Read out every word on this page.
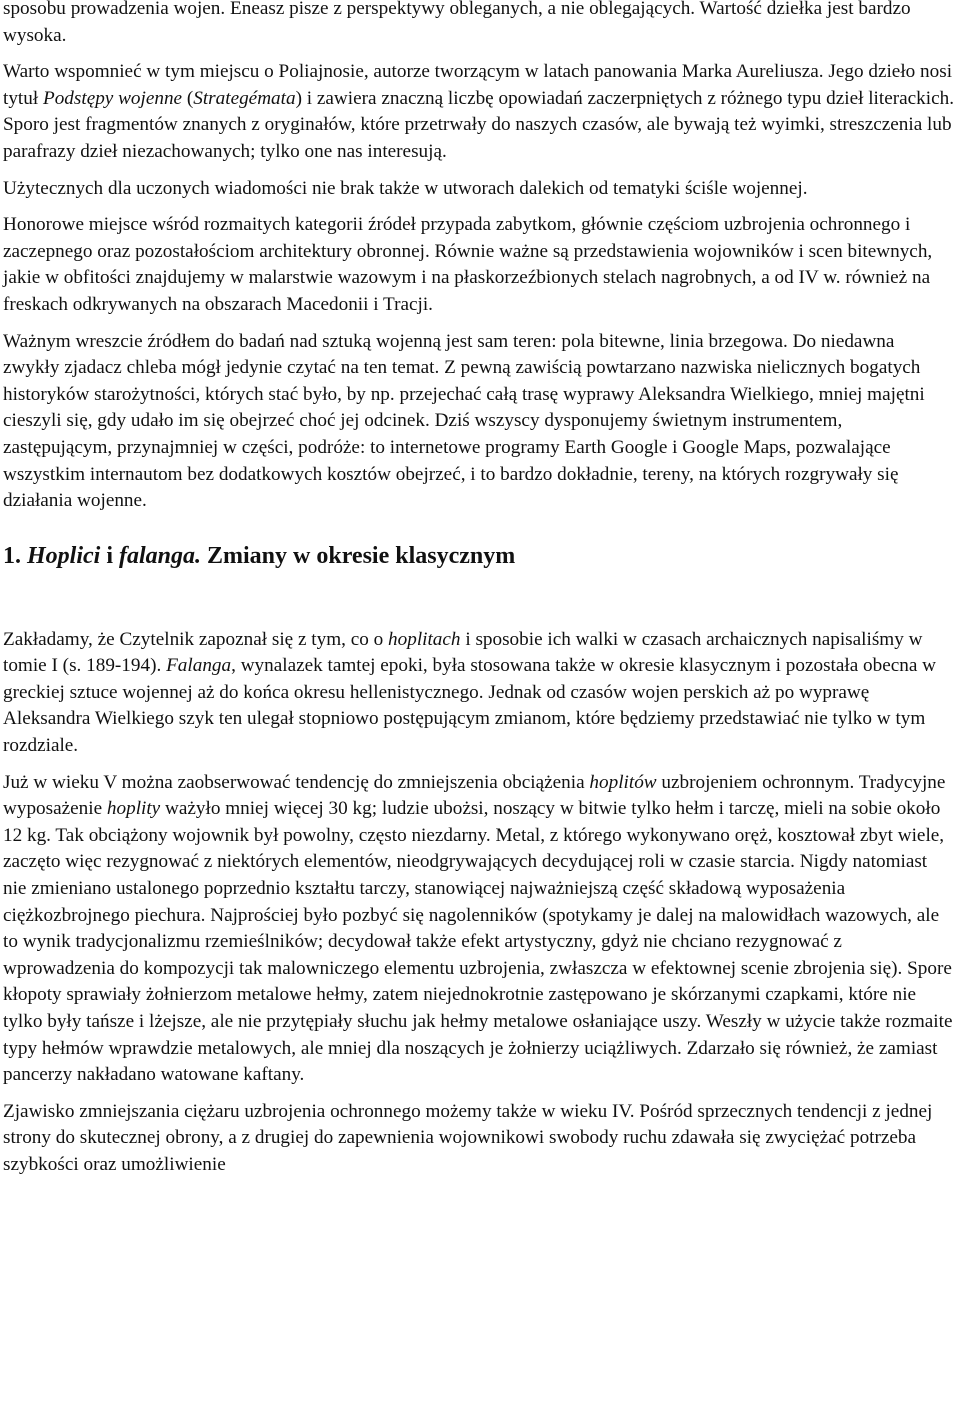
sposobu prowadzenia wojen. Eneasz pisze z perspektywy obleganych, a nie oblegających. Wartość dziełka jest bardzo wysoka.

Warto wspomnieć w tym miejscu o Poliajnosie, autorze tworzącym w latach panowania Marka Aureliusza. Jego dzieło nosi tytuł Podstępy wojenne (Strategémata) i zawiera znaczną liczbę opowiadań zaczerpniętych z różnego typu dzieł literackich. Sporo jest fragmentów znanych z oryginałów, które przetrwały do naszych czasów, ale bywają też wyimki, streszczenia lub parafrazy dzieł niezachowanych; tylko one nas interesują.

Użytecznych dla uczonych wiadomości nie brak także w utworach dalekich od tematyki ściśle wojennej.

Honorowe miejsce wśród rozmaitych kategorii źródeł przypada zabytkom, głównie częściom uzbrojenia ochronnego i zaczepnego oraz pozostałościom architektury obronnej. Równie ważne są przedstawienia wojowników i scen bitewnych, jakie w obfitości znajdujemy w malarstwie wazowym i na płaskorzeźbionych stelach nagrobnych, a od IV w. również na freskach odkrywanych na obszarach Macedonii i Tracji.

Ważnym wreszcie źródłem do badań nad sztuką wojenną jest sam teren: pola bitewne, linia brzegowa. Do niedawna zwykły zjadacz chleba mógł jedynie czytać na ten temat. Z pewną zawiścią powtarzano nazwiska nielicznych bogatych historyków starożytności, których stać było, by np. przejechać całą trasę wyprawy Aleksandra Wielkiego, mniej majętni cieszyli się, gdy udało im się obejrzeć choć jej odcinek. Dziś wszyscy dysponujemy świetnym instrumentem, zastępującym, przynajmniej w części, podróże: to internetowe programy Earth Google i Google Maps, pozwalające wszystkim internautom bez dodatkowych kosztów obejrzeć, i to bardzo dokładnie, tereny, na których rozgrywały się działania wojenne.

1. Hoplici i falanga. Zmiany w okresie klasycznym

Zakładamy, że Czytelnik zapoznał się z tym, co o hoplitach i sposobie ich walki w czasach archaicznych napisaliśmy w tomie I (s. 189-194). Falanga, wynalazek tamtej epoki, była stosowana także w okresie klasycznym i pozostała obecna w greckiej sztuce wojennej aż do końca okresu hellenistycznego. Jednak od czasów wojen perskich aż po wyprawę Aleksandra Wielkiego szyk ten ulegał stopniowo postępującym zmianom, które będziemy przedstawiać nie tylko w tym rozdziale.

Już w wieku V można zaobserwować tendencję do zmniejszenia obciążenia hoplitów uzbrojeniem ochronnym. Tradycyjne wyposażenie hoplity ważyło mniej więcej 30 kg; ludzie ubożsi, noszący w bitwie tylko hełm i tarczę, mieli na sobie około 12 kg. Tak obciążony wojownik był powolny, często niezdarny. Metal, z którego wykonywano oręż, kosztował zbyt wiele, zaczęto więc rezygnować z niektórych elementów, nieodgrywających decydującej roli w czasie starcia. Nigdy natomiast nie zmieniano ustalonego poprzednio kształtu tarczy, stanowiącej najważniejszą część składową wyposażenia ciężkozbrojnego piechura. Najprościej było pozbyć się nagolenników (spotykamy je dalej na malowidłach wazowych, ale to wynik tradycjonalizmu rzemieślników; decydował także efekt artystyczny, gdyż nie chciano rezygnować z wprowadzenia do kompozycji tak malowniczego elementu uzbrojenia, zwłaszcza w efektownej scenie zbrojenia się). Spore kłopoty sprawiały żołnierzom metalowe hełmy, zatem niejednokrotnie zastępowano je skórzanymi czapkami, które nie tylko były tańsze i lżejsze, ale nie przytępiały słuchu jak hełmy metalowe osłaniające uszy. Weszły w użycie także rozmaite typy hełmów wprawdzie metalowych, ale mniej dla noszących je żołnierzy uciążliwych. Zdarzało się również, że zamiast pancerzy nakładano watowane kaftany.

Zjawisko zmniejszania ciężaru uzbrojenia ochronnego możemy także w wieku IV. Pośród sprzecznych tendencji z jednej strony do skutecznej obrony, a z drugiej do zapewnienia wojownikowi swobody ruchu zdawała się zwyciężać potrzeba szybkości oraz umożliwienie
